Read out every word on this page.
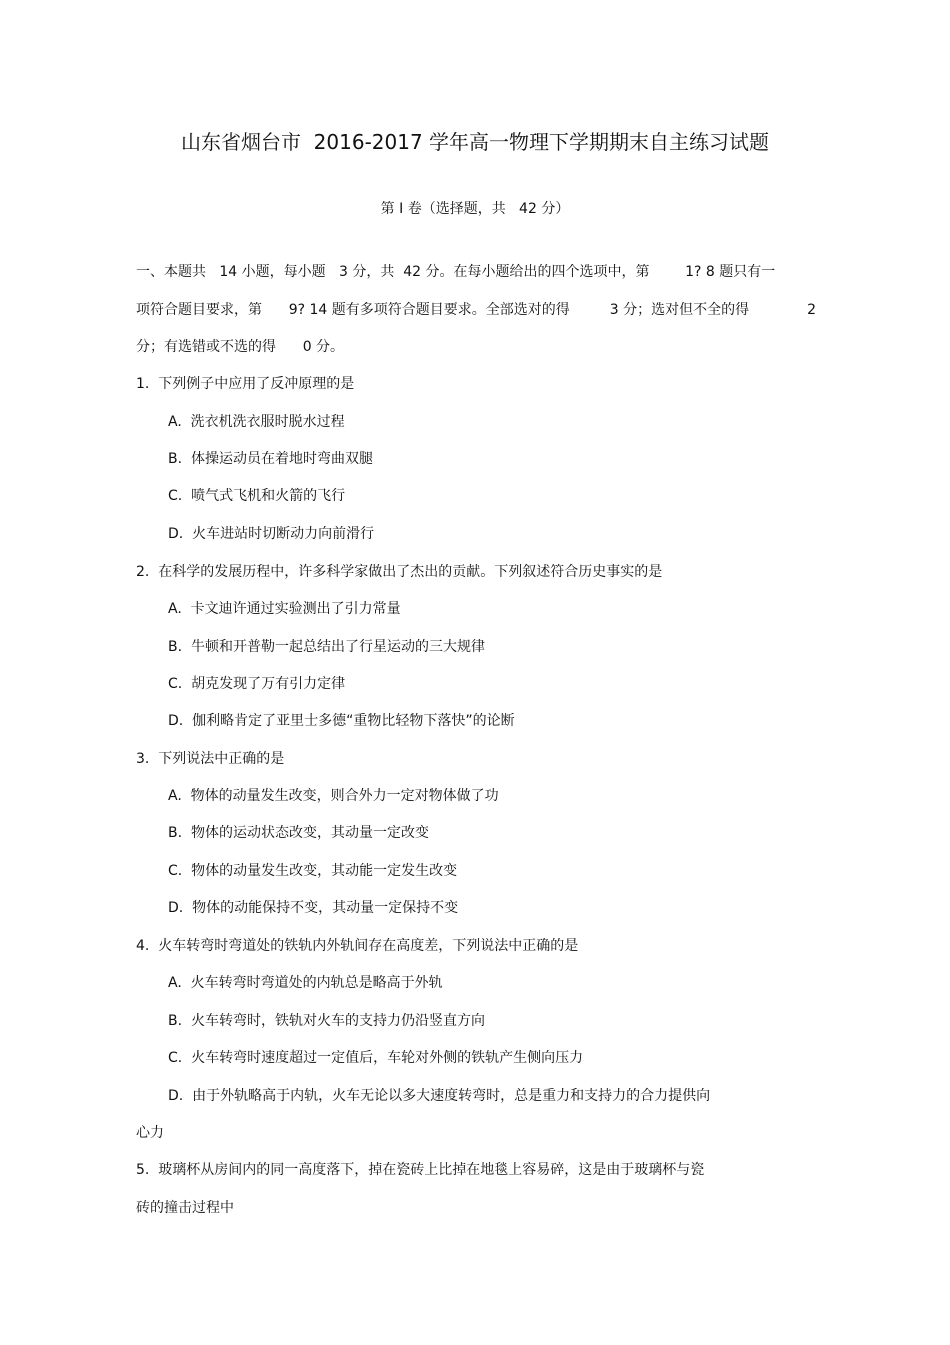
山东省烟台市  2016-2017 学年高一物理下学期期末自主练习试题
第 I 卷（选择题，共   42 分）
一、本题共   14 小题，每小题   3 分，共  42 分。在每小题给出的四个选项中，第        1? 8 题只有一
项符合题目要求，第      9? 14 题有多项符合题目要求。全部选对的得         3 分；选对但不全的得	2
分；有选错或不选的得      0 分。
1.  下列例子中应用了反冲原理的是
A.  洗衣机洗衣服时脱水过程
B.  体操运动员在着地时弯曲双腿
C.  喷气式飞机和火箭的飞行
D.  火车进站时切断动力向前滑行
2.  在科学的发展历程中，许多科学家做出了杰出的贡献。下列叙述符合历史事实的是
A.  卡文迪许通过实验测出了引力常量
B.  牛顿和开普勒一起总结出了行星运动的三大规律
C.  胡克发现了万有引力定律
D.  伽利略肯定了亚里士多德“重物比轻物下落快”的论断
3.  下列说法中正确的是
A.  物体的动量发生改变，则合外力一定对物体做了功
B.  物体的运动状态改变，其动量一定改变
C.  物体的动量发生改变，其动能一定发生改变
D.  物体的动能保持不变，其动量一定保持不变
4.  火车转弯时弯道处的铁轨内外轨间存在高度差，下列说法中正确的是
A.  火车转弯时弯道处的内轨总是略高于外轨
B.  火车转弯时，铁轨对火车的支持力仍沿竖直方向
C.  火车转弯时速度超过一定值后，车轮对外侧的铁轨产生侧向压力
D.  由于外轨略高于内轨，火车无论以多大速度转弯时，总是重力和支持力的合力提供向
心力
5.  玻璃杯从房间内的同一高度落下，掉在瓷砖上比掉在地毯上容易碎，这是由于玻璃杯与瓷
砖的撞击过程中
